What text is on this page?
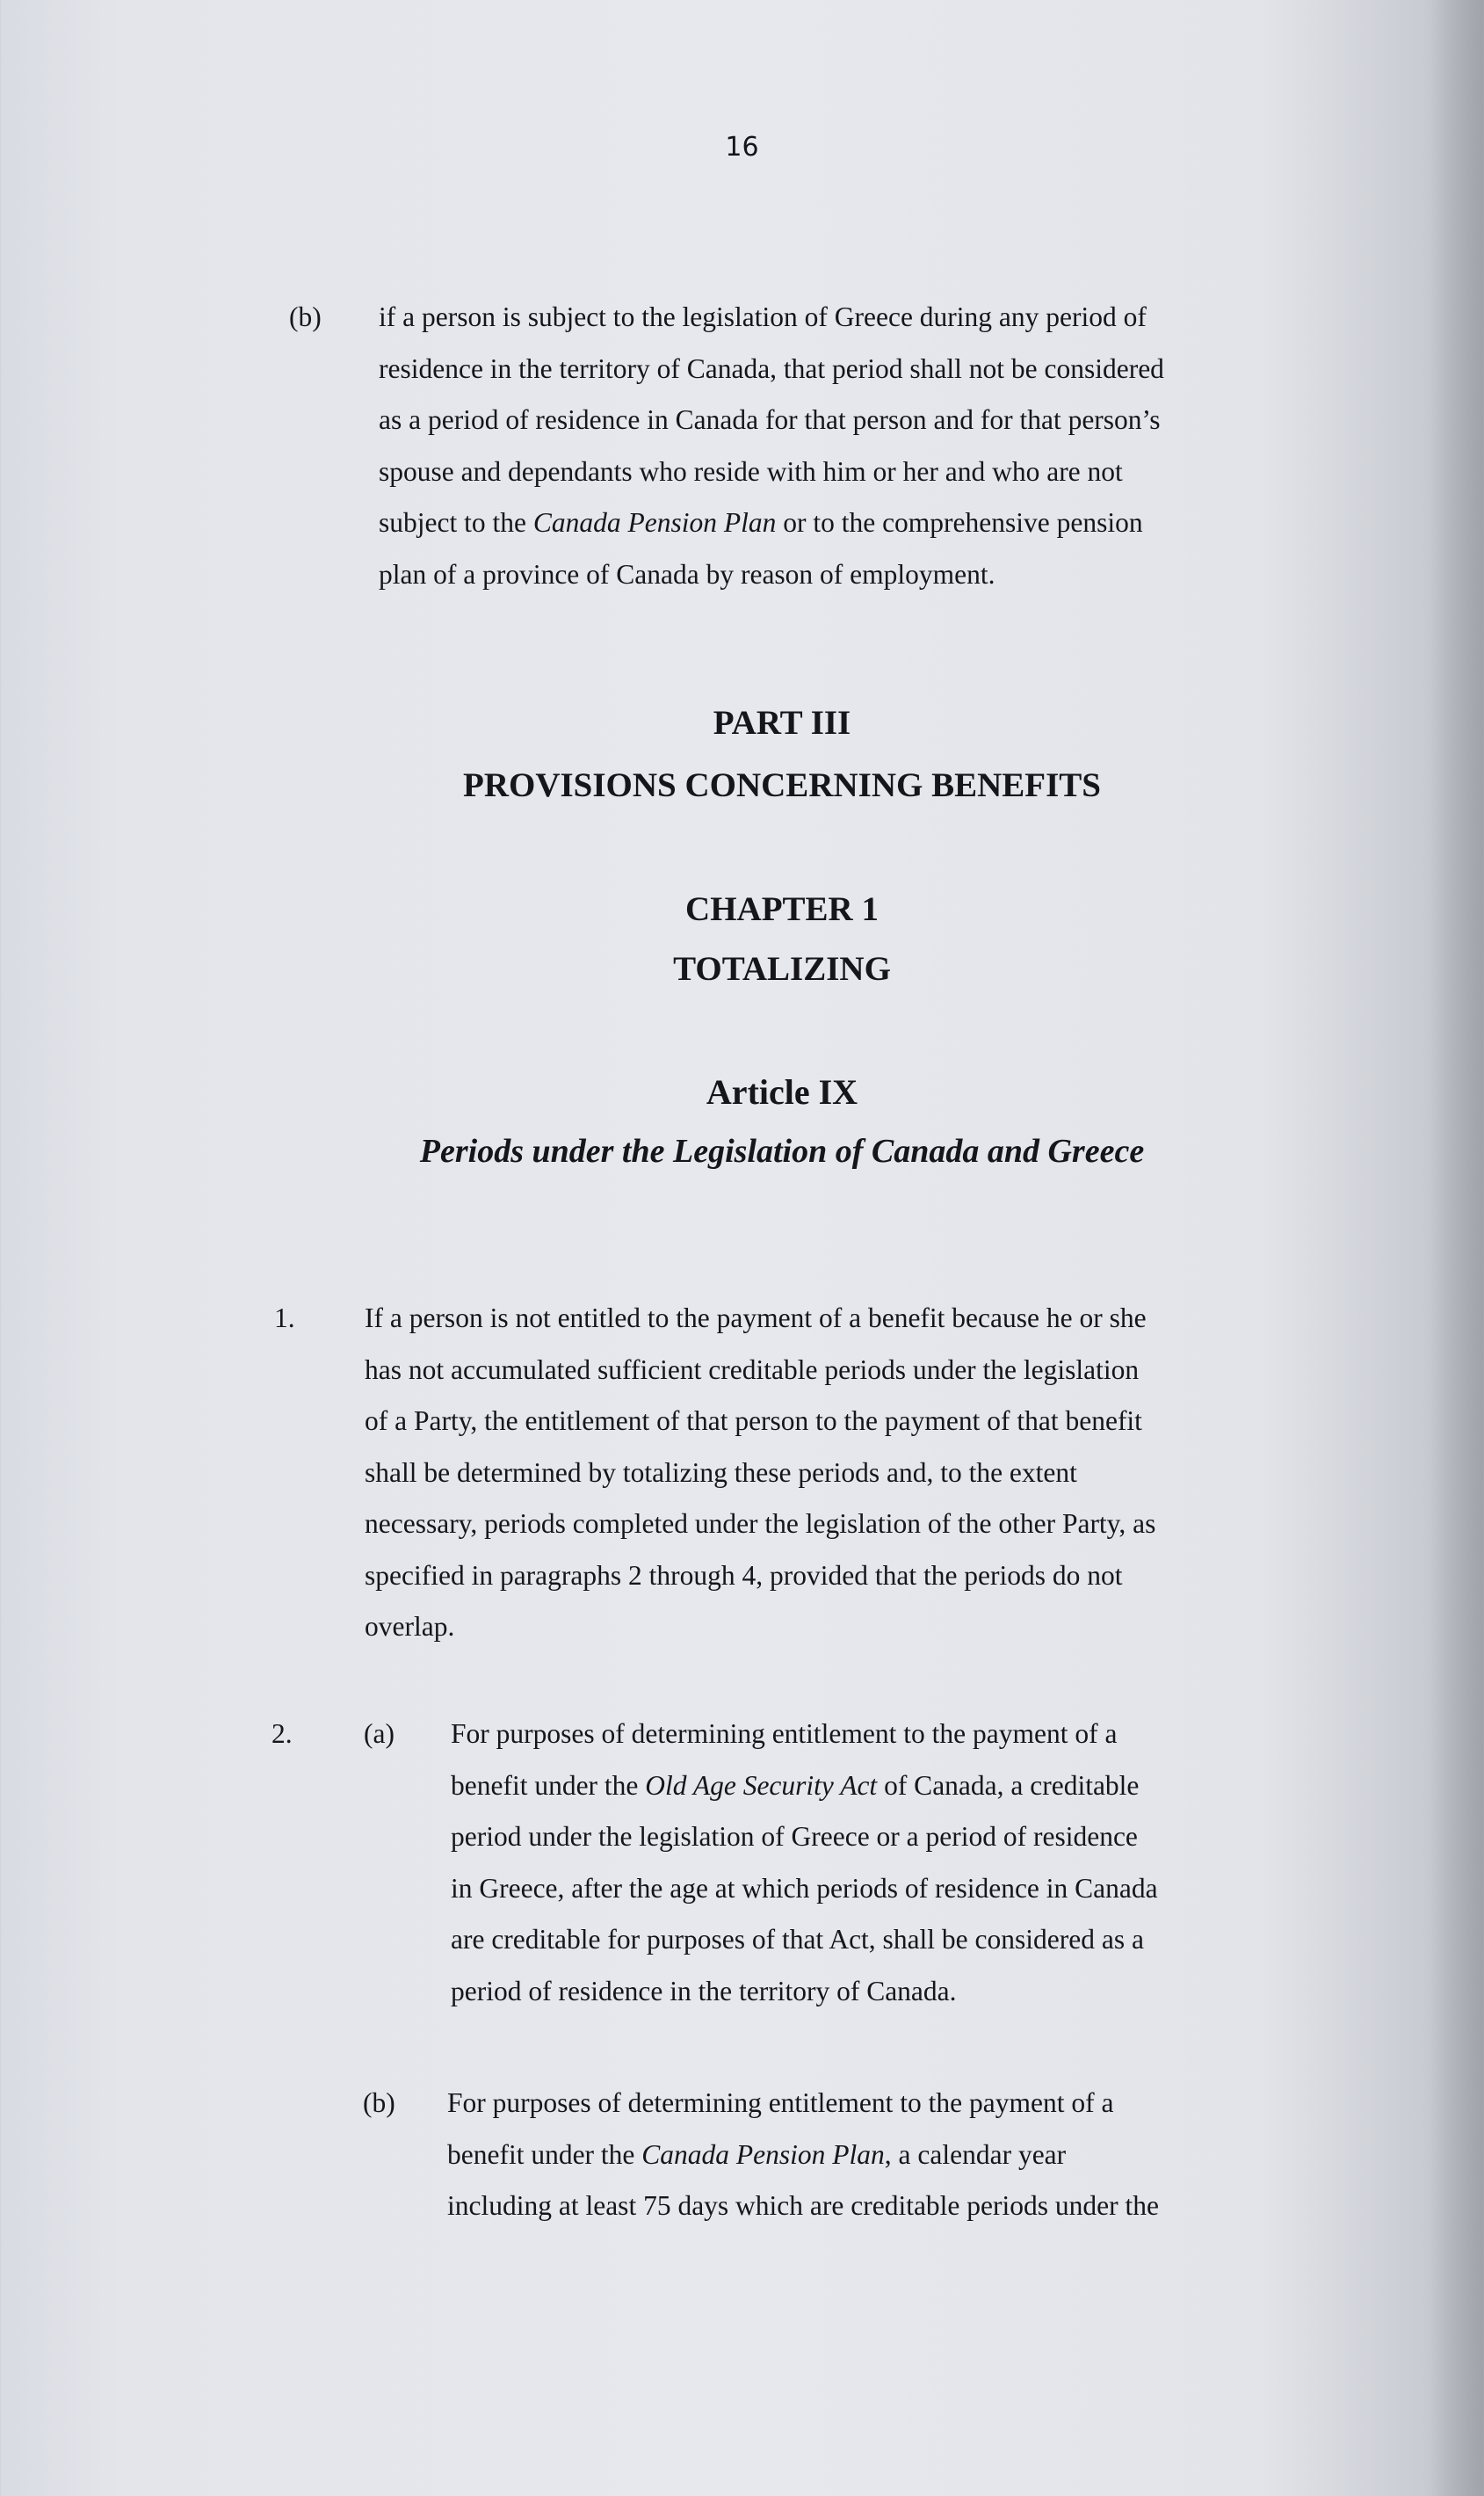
16
(b) if a person is subject to the legislation of Greece during any period of
residence in the territory of Canada, that period shall not be considered
as a period of residence in Canada for that person and for that person’s
spouse and dependants who reside with him or her and who are not
subject to the Canada Pension Plan or to the comprehensive pension
plan of a province of Canada by reason of employment.
PART III
PROVISIONS CONCERNING BENEFITS
CHAPTER 1
TOTALIZING
Article IX
Periods under the Legislation of Canada and Greece
1.	If a person is not entitled to the payment of a benefit because he or she
has not accumulated sufficient creditable periods under the legislation
of a Party, the entitlement of that person to the payment of that benefit
shall be determined by totalizing these periods and, to the extent
necessary, periods completed under the legislation of the other Party, as
specified in paragraphs 2 through 4, provided that the periods do not
overlap.
2.	(a) For purposes of determining entitlement to the payment of a
benefit under the Old Age Security Act of Canada, a creditable
period under the legislation of Greece or a period of residence
in Greece, after the age at which periods of residence in Canada
are creditable for purposes of that Act, shall be considered as a
period of residence in the territory of Canada.
(b) For purposes of determining entitlement to the payment of a
benefit under the Canada Pension Plan, a calendar year
including at least 75 days which are creditable periods under the
